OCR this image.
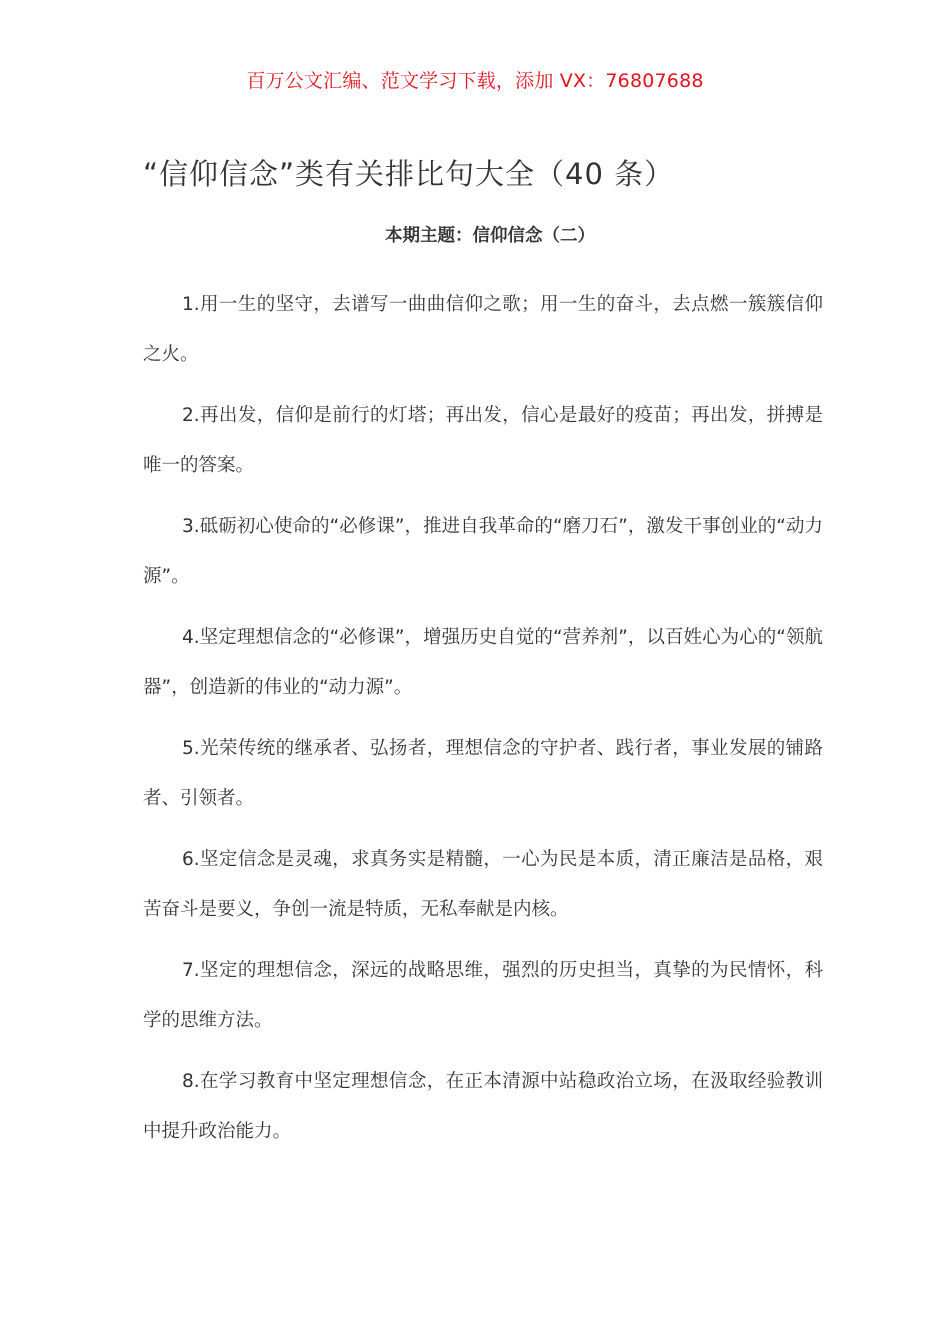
百万公文汇编、范文学习下载，添加 VX：76807688
“信仰信念”类有关排比句大全（40 条）
本期主题：信仰信念（二）

1.用一生的坚守，去谱写一曲曲信仰之歌；用一生的奋斗，去点燃一簇簇信仰之火。

2.再出发，信仰是前行的灯塔；再出发，信心是最好的疫苗；再出发，拼搏是唯一的答案。

3.砥砺初心使命的“必修课”，推进自我革命的“磨刀石”，激发干事创业的“动力源”。

4.坚定理想信念的“必修课”，增强历史自觉的“营养剂”，以百姓心为心的“领航器”，创造新的伟业的“动力源”。

5.光荣传统的继承者、弘扬者，理想信念的守护者、践行者，事业发展的铺路者、引领者。

6.坚定信念是灵魂，求真务实是精髓，一心为民是本质，清正廉洁是品格，艰苦奋斗是要义，争创一流是特质，无私奉献是内核。

7.坚定的理想信念，深远的战略思维，强烈的历史担当，真挚的为民情怀，科学的思维方法。

8.在学习教育中坚定理想信念，在正本清源中站稳政治立场，在汲取经验教训中提升政治能力。
